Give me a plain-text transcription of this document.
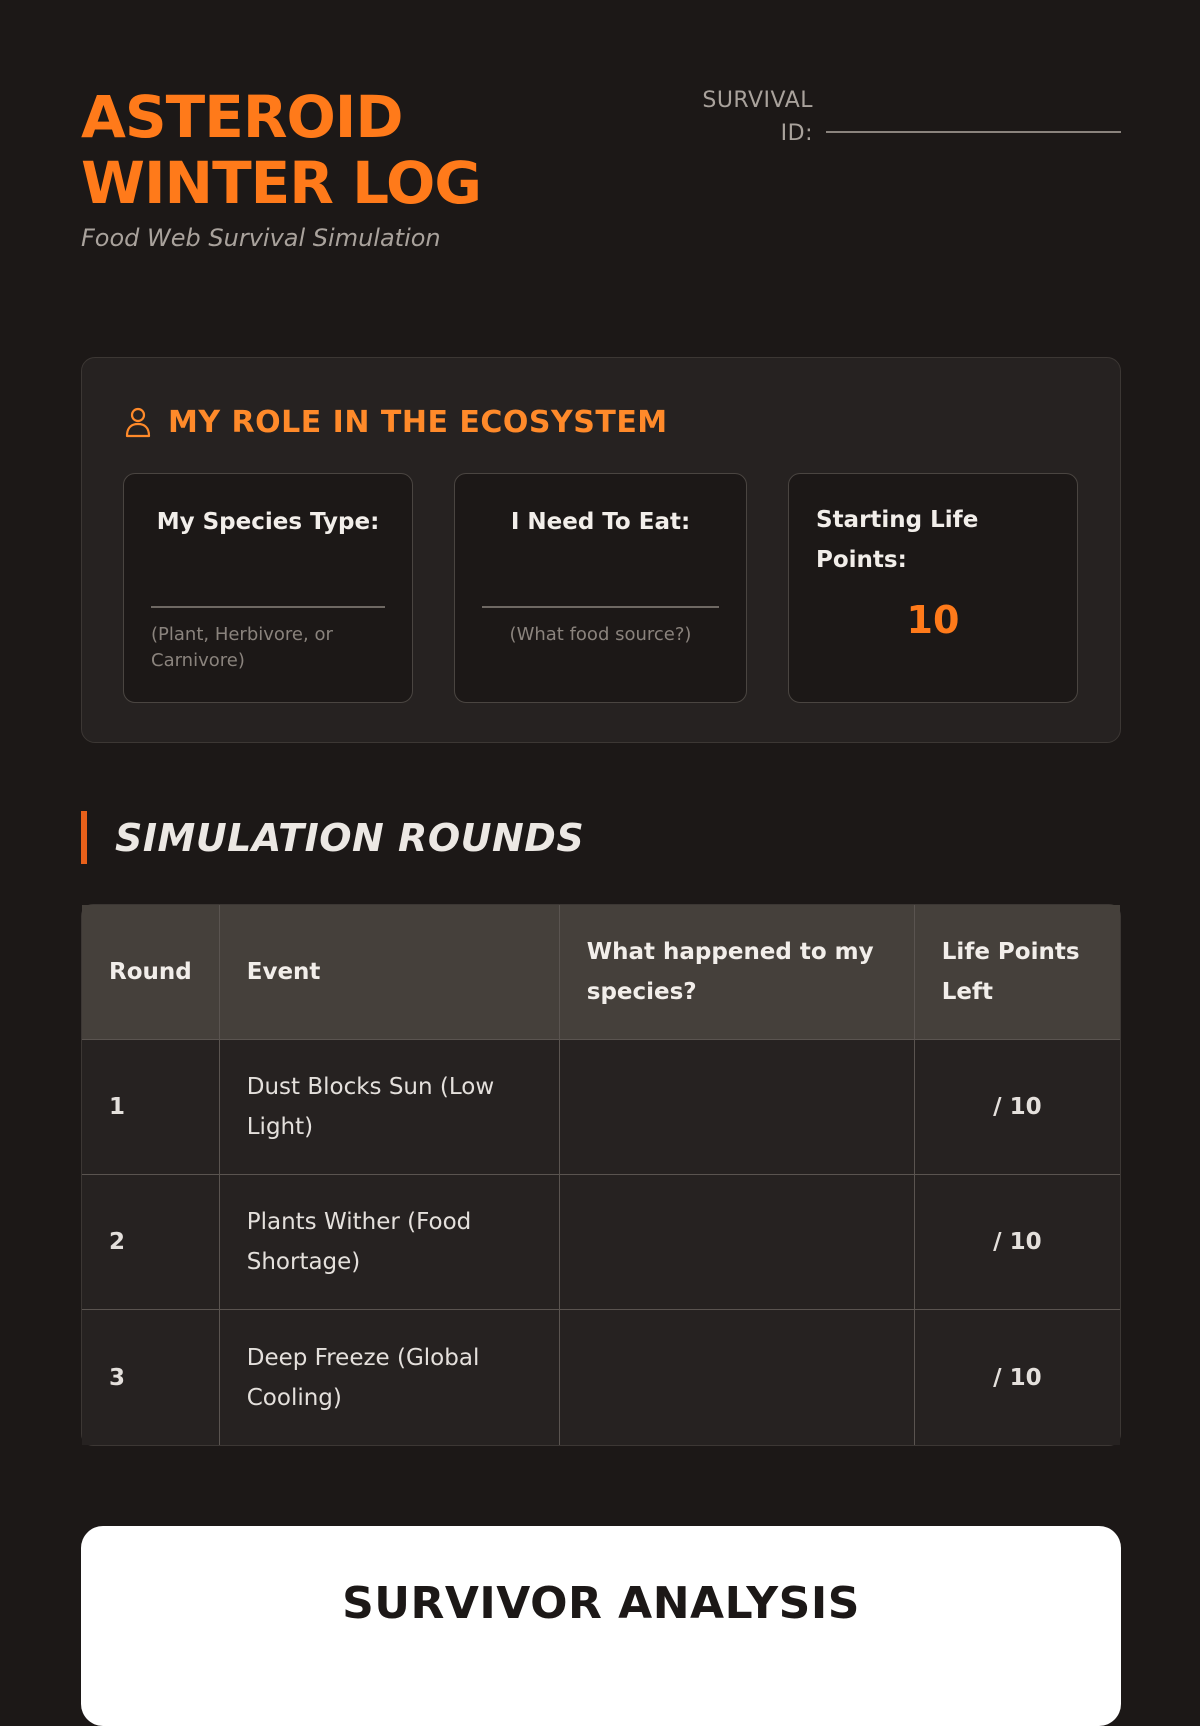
ASTEROID
WINTER LOG
Food Web Survival Simulation
SURVIVAL
ID:
MY ROLE IN THE ECOSYSTEM
My Species Type:
(Plant, Herbivore, or Carnivore)
I Need To Eat:
(What food source?)
Starting Life Points:
10
SIMULATION ROUNDS
Round	Event	What happened to my species?	Life Points Left
1	Dust Blocks Sun (Low Light)		/ 10
2	Plants Wither (Food Shortage)		/ 10
3	Deep Freeze (Global Cooling)		/ 10
SURVIVOR ANALYSIS
